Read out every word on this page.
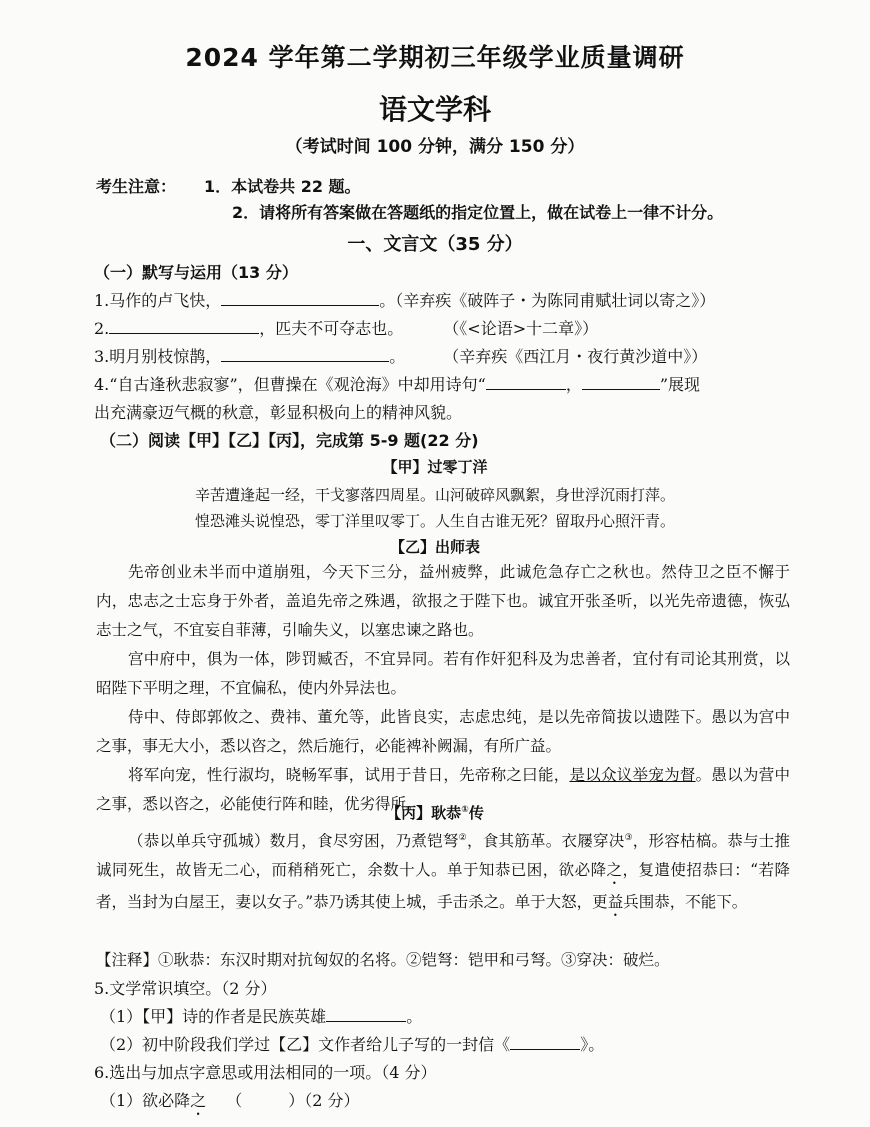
2024 学年第二学期初三年级学业质量调研
语文学科
（考试时间 100 分钟，满分 150 分）
考生注意： 1．本试卷共 22 题。
2．请将所有答案做在答题纸的指定位置上，做在试卷上一律不计分。
一、文言文（35 分）
（一）默写与运用（13 分）
1.马作的卢飞快，	。（辛弃疾《破阵子・为陈同甫赋壮词以寄之》）
2.	，匹夫不可夺志也。	（《<论语>十二章》）
3.明月别枝惊鹊，	。 （辛弃疾《西江月・夜行黄沙道中》）
4.“自古逢秋悲寂寥”，但曹操在《观沧海》中却用诗句“	，	”展现
出充满豪迈气概的秋意，彰显积极向上的精神风貌。
（二）阅读【甲】【乙】【丙】，完成第 5-9 题(22 分)
【甲】过零丁洋
辛苦遭逢起一经，干戈寥落四周星。山河破碎风飘絮，身世浮沉雨打萍。
惶恐滩头说惶恐，零丁洋里叹零丁。人生自古谁无死？留取丹心照汗青。
【乙】出师表

先帝创业未半而中道崩殂，今天下三分，益州疲弊，此诚危急存亡之秋也。然侍卫之臣不懈于内，忠志之士忘身于外者，盖追先帝之殊遇，欲报之于陛下也。诚宜开张圣听，以光先帝遗德，恢弘志士之气，不宜妄自菲薄，引喻失义，以塞忠谏之路也。

宫中府中，俱为一体，陟罚臧否，不宜异同。若有作奸犯科及为忠善者，宜付有司论其刑赏，以昭陛下平明之理，不宜偏私，使内外异法也。

侍中、侍郎郭攸之、费祎、董允等，此皆良实，志虑忠纯，是以先帝简拔以遗陛下。愚以为宫中之事，事无大小，悉以咨之，然后施行，必能裨补阙漏，有所广益。

将军向宠，性行淑均，晓畅军事，试用于昔日，先帝称之曰能，是以众议举宠为督。愚以为营中之事，悉以咨之，必能使行阵和睦，优劣得所。

【丙】耿恭①传

（恭以单兵守孤城）数月，食尽穷困，乃煮铠弩②，食其筋革。衣屦穿决③，形容枯槁。恭与士推诚同死生，故皆无二心，而稍稍死亡，余数十人。单于知恭已困，欲必降之，复遣使招恭曰：“若降者，当封为白屋王，妻以女子。”恭乃诱其使上城，手击杀之。单于大怒，更益兵围恭，不能下。

【注释】①耿恭：东汉时期对抗匈奴的名将。②铠弩：铠甲和弓弩。③穿决：破烂。
5.文学常识填空。（2 分）
（1）【甲】诗的作者是民族英雄	。
（2）初中阶段我们学过【乙】文作者给儿子写的一封信《	》。
6.选出与加点字意思或用法相同的一项。（4 分）
（1）欲必降之 （	）（2 分）
